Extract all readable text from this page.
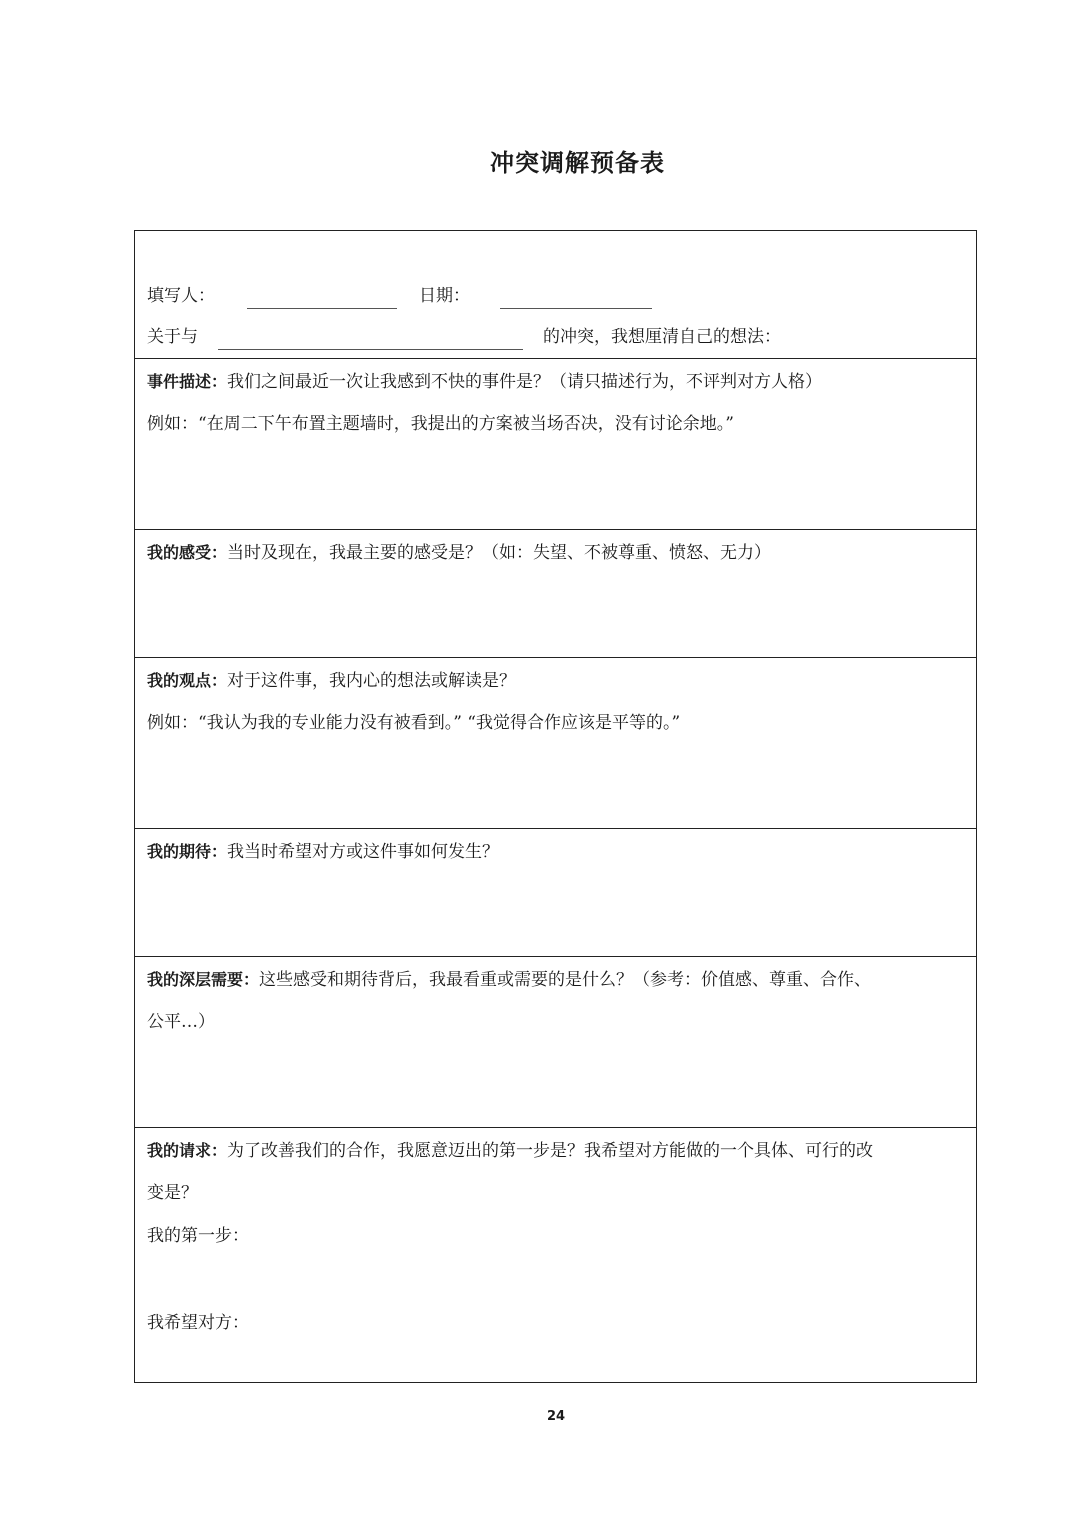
冲突调解预备表
填写人：	日期：
关于与	的冲突，我想厘清自己的想法：
事件描述：我们之间最近一次让我感到不快的事件是？（请只描述行为，不评判对方人格）
例如：“在周二下午布置主题墙时，我提出的方案被当场否决，没有讨论余地。”
我的感受：当时及现在，我最主要的感受是？（如：失望、不被尊重、愤怒、无力）
我的观点：对于这件事，我内心的想法或解读是？
例如：“我认为我的专业能力没有被看到。” “我觉得合作应该是平等的。”
我的期待：我当时希望对方或这件事如何发生？
我的深层需要：这些感受和期待背后，我最看重或需要的是什么？（参考：价值感、尊重、合作、
公平…）
我的请求：为了改善我们的合作，我愿意迈出的第一步是？我希望对方能做的一个具体、可行的改
变是？
我的第一步：
我希望对方：
24
